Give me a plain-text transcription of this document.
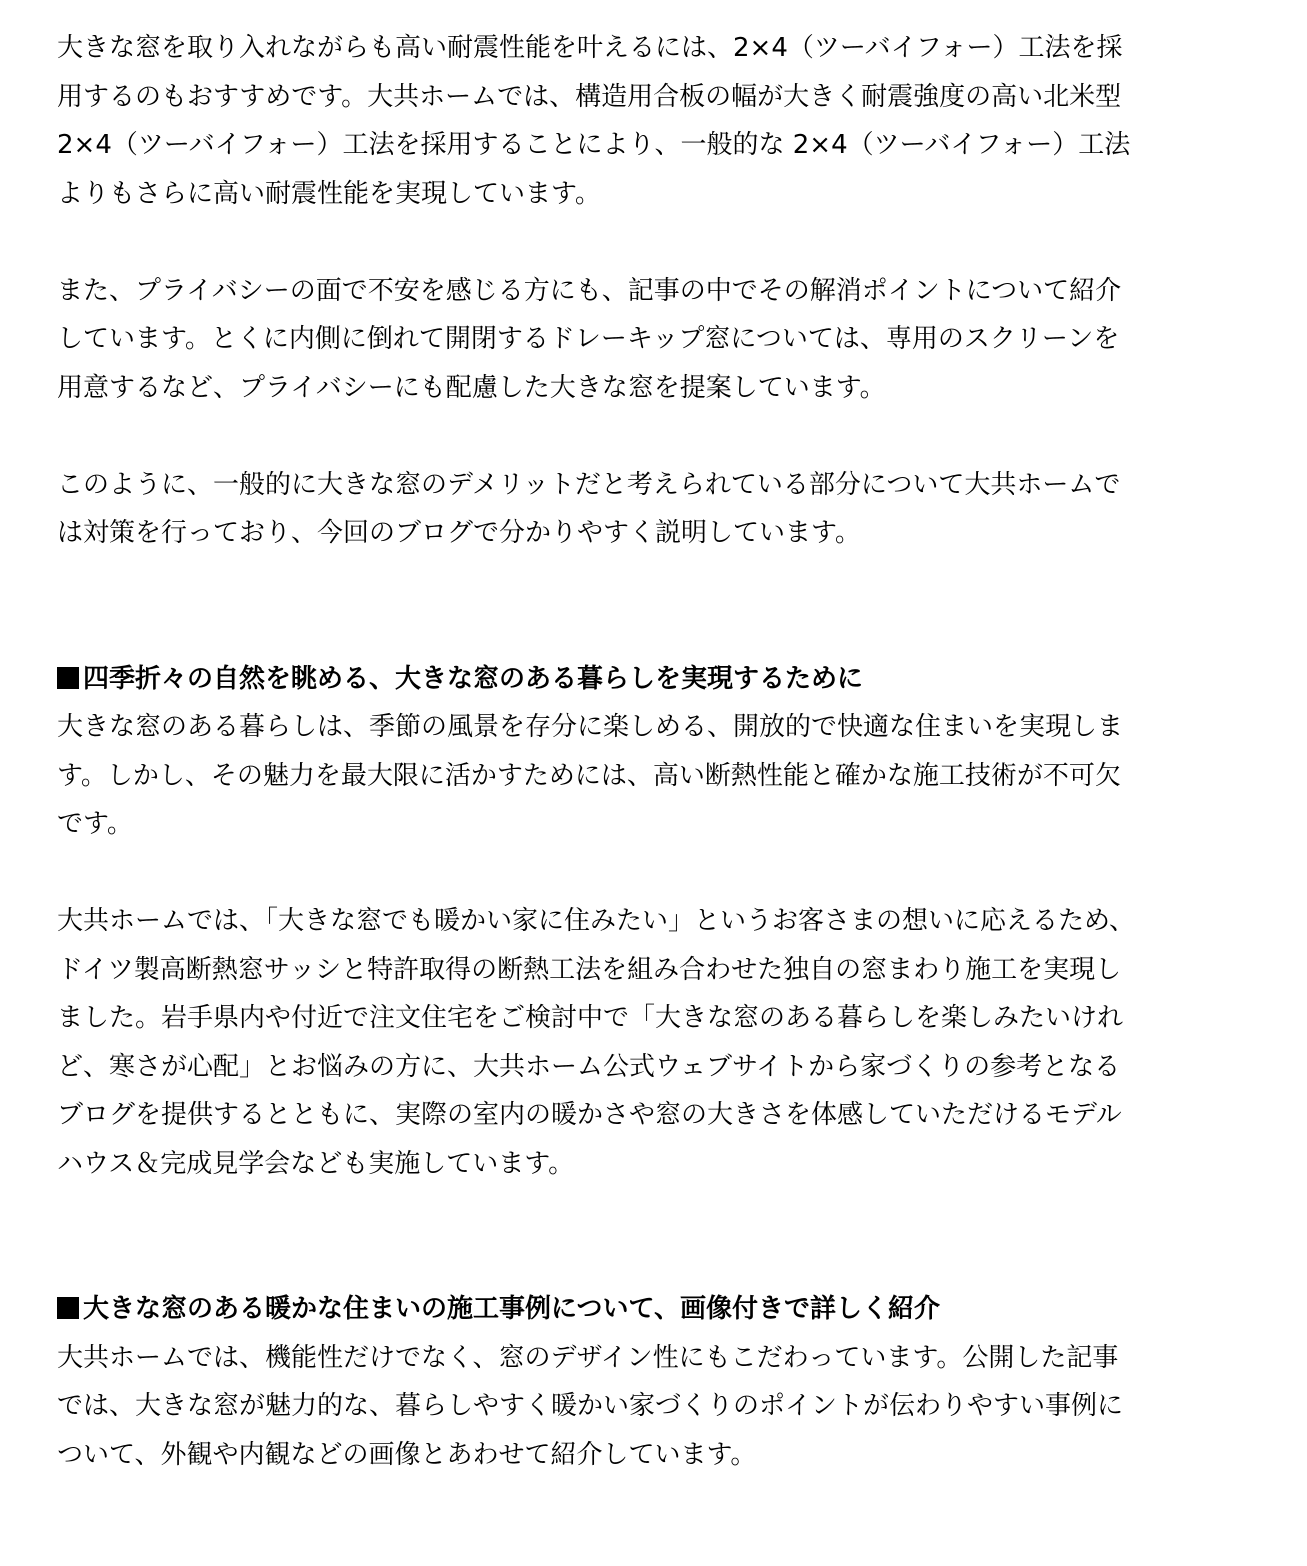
大きな窓を取り入れながらも高い耐震性能を叶えるには、2×4（ツーバイフォー）工法を採
用するのもおすすめです。大共ホームでは、構造用合板の幅が大きく耐震強度の高い北米型
2×4（ツーバイフォー）工法を採用することにより、一般的な 2×4（ツーバイフォー）工法
よりもさらに高い耐震性能を実現しています。
また、プライバシーの面で不安を感じる方にも、記事の中でその解消ポイントについて紹介
しています。とくに内側に倒れて開閉するドレーキップ窓については、専用のスクリーンを
用意するなど、プライバシーにも配慮した大きな窓を提案しています。
このように、一般的に大きな窓のデメリットだと考えられている部分について大共ホームで
は対策を行っており、今回のブログで分かりやすく説明しています。
四季折々の自然を眺める、大きな窓のある暮らしを実現するために
大きな窓のある暮らしは、季節の風景を存分に楽しめる、開放的で快適な住まいを実現しま
す。しかし、その魅力を最大限に活かすためには、高い断熱性能と確かな施工技術が不可欠
です。
大共ホームでは、「大きな窓でも暖かい家に住みたい」というお客さまの想いに応えるため、
ドイツ製高断熱窓サッシと特許取得の断熱工法を組み合わせた独自の窓まわり施工を実現し
ました。岩手県内や付近で注文住宅をご検討中で「大きな窓のある暮らしを楽しみたいけれ
ど、寒さが心配」とお悩みの方に、大共ホーム公式ウェブサイトから家づくりの参考となる
ブログを提供するとともに、実際の室内の暖かさや窓の大きさを体感していただけるモデル
ハウス＆完成見学会なども実施しています。
大きな窓のある暖かな住まいの施工事例について、画像付きで詳しく紹介
大共ホームでは、機能性だけでなく、窓のデザイン性にもこだわっています。公開した記事
では、大きな窓が魅力的な、暮らしやすく暖かい家づくりのポイントが伝わりやすい事例に
ついて、外観や内観などの画像とあわせて紹介しています。
